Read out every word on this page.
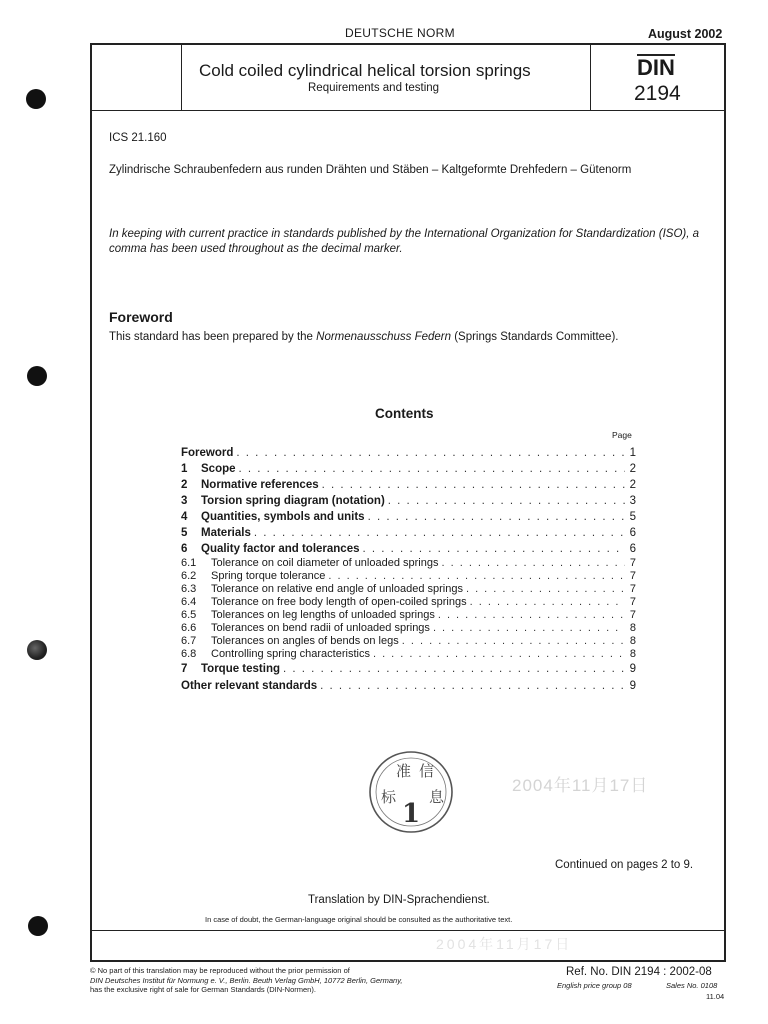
DEUTSCHE NORM	August 2002
Cold coiled cylindrical helical torsion springs
Requirements and testing
DIN
2194
ICS 21.160
Zylindrische Schraubenfedern aus runden Drähten und Stäben – Kaltgeformte Drehfedern – Gütenorm
In keeping with current practice in standards published by the International Organization for Standardization (ISO), a comma has been used throughout as the decimal marker.
Foreword
This standard has been prepared by the Normenausschuss Federn (Springs Standards Committee).
Contents
Page
Foreword . . .	1
1	Scope . . .	2
2	Normative references . . .	2
3	Torsion spring diagram (notation) . . .	3
4	Quantities, symbols and units . . .	5
5	Materials . . .	6
6	Quality factor and tolerances . . .	6
6.1	Tolerance on coil diameter of unloaded springs . . .	7
6.2	Spring torque tolerance . . .	7
6.3	Tolerance on relative end angle of unloaded springs . . .	7
6.4	Tolerance on free body length of open-coiled springs . . .	7
6.5	Tolerances on leg lengths of unloaded springs . . .	7
6.6	Tolerances on bend radii of unloaded springs . . .	8
6.7	Tolerances on angles of bends on legs . . .	8
6.8	Controlling spring characteristics . . .	8
7	Torque testing . . .	9
Other relevant standards . . .	9
标
准 信
息
1
2004年11月17日
Continued on pages 2 to 9.
Translation by DIN-Sprachendienst.
In case of doubt, the German-language original should be consulted as the authoritative text.
2004年11月17日
© No part of this translation may be reproduced without the prior permission of
DIN Deutsches Institut für Normung e. V., Berlin. Beuth Verlag GmbH, 10772 Berlin, Germany,
has the exclusive right of sale for German Standards (DIN-Normen).
Ref. No. DIN 2194 : 2002-08
English price group 08	Sales No. 0108
11.04
